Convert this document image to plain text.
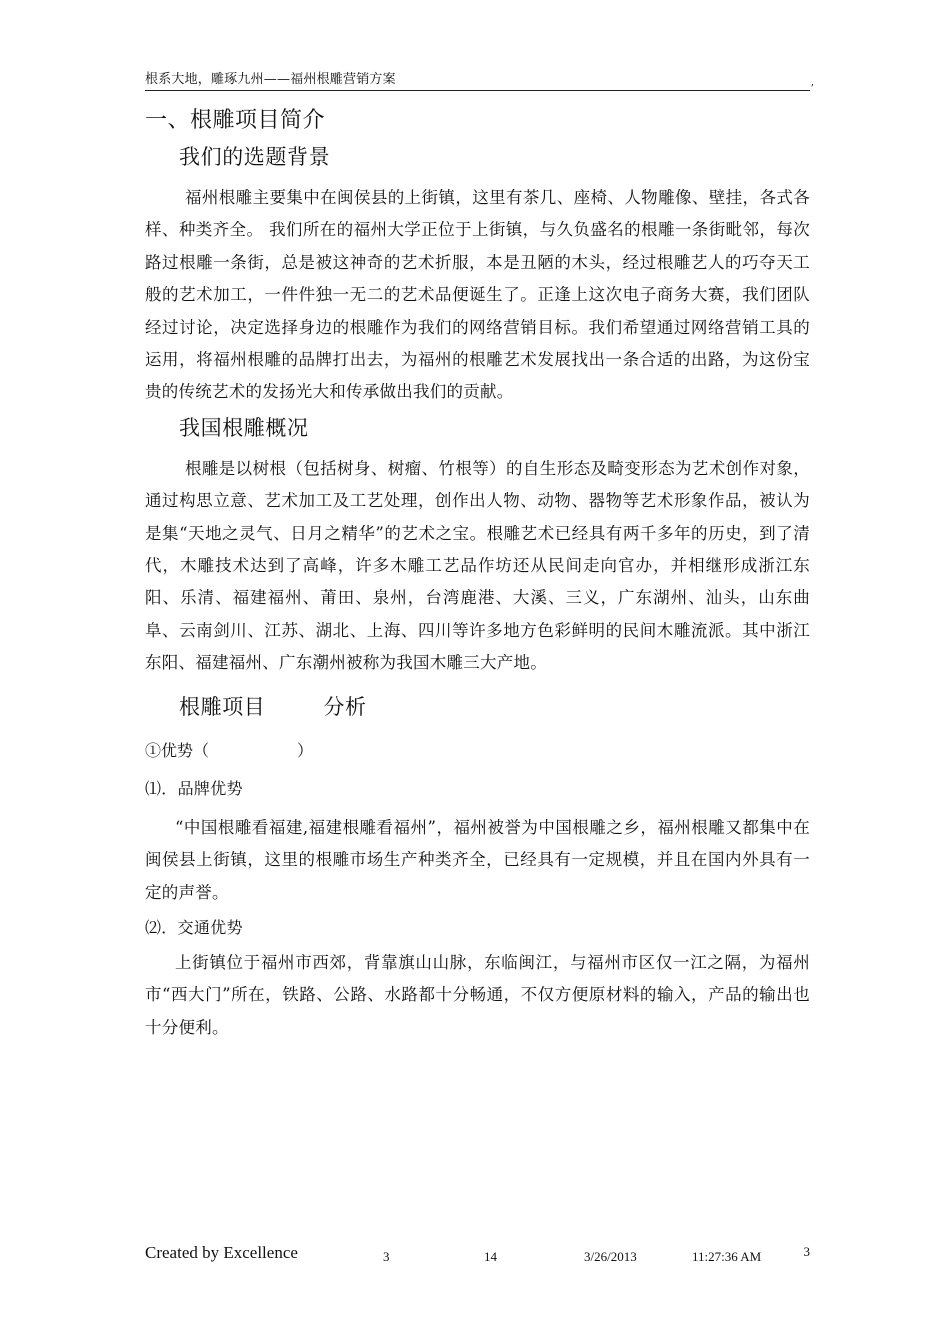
根系大地，雕琢九州——福州根雕营销方案	,
一、根雕项目简介
我们的选题背景

福州根雕主要集中在闽侯县的上街镇，这里有茶几、座椅、人物雕像、壁挂，各式各样、种类齐全。 我们所在的福州大学正位于上街镇，与久负盛名的根雕一条街毗邻，每次路过根雕一条街，总是被这神奇的艺术折服，本是丑陋的木头，经过根雕艺人的巧夺天工般的艺术加工，一件件独一无二的艺术品便诞生了。正逢上这次电子商务大赛，我们团队经过讨论，决定选择身边的根雕作为我们的网络营销目标。我们希望通过网络营销工具的运用，将福州根雕的品牌打出去，为福州的根雕艺术发展找出一条合适的出路，为这份宝贵的传统艺术的发扬光大和传承做出我们的贡献。

我国根雕概况

根雕是以树根（包括树身、树瘤、竹根等）的自生形态及畸变形态为艺术创作对象，通过构思立意、艺术加工及工艺处理，创作出人物、动物、器物等艺术形象作品，被认为是集“天地之灵气、日月之精华”的艺术之宝。根雕艺术已经具有两千多年的历史，到了清代，木雕技术达到了高峰，许多木雕工艺品作坊还从民间走向官办，并相继形成浙江东阳、乐清、福建福州、莆田、泉州，台湾鹿港、大溪、三义，广东湖州、汕头，山东曲阜、云南剑川、江苏、湖北、上海、四川等许多地方色彩鲜明的民间木雕流派。其中浙江东阳、福建福州、广东潮州被称为我国木雕三大产地。

根雕项目	分析
①优势（	）

⑴．品牌优势

“中国根雕看福建,福建根雕看福州”，福州被誉为中国根雕之乡，福州根雕又都集中在闽侯县上街镇，这里的根雕市场生产种类齐全，已经具有一定规模，并且在国内外具有一定的声誉。

⑵．交通优势

上街镇位于福州市西郊，背靠旗山山脉，东临闽江，与福州市区仅一江之隔，为福州市“西大门”所在，铁路、公路、水路都十分畅通，不仅方便原材料的输入，产品的输出也十分便利。

Created by Excellence	3	14	3/26/2013	11:27:36 AM	3
